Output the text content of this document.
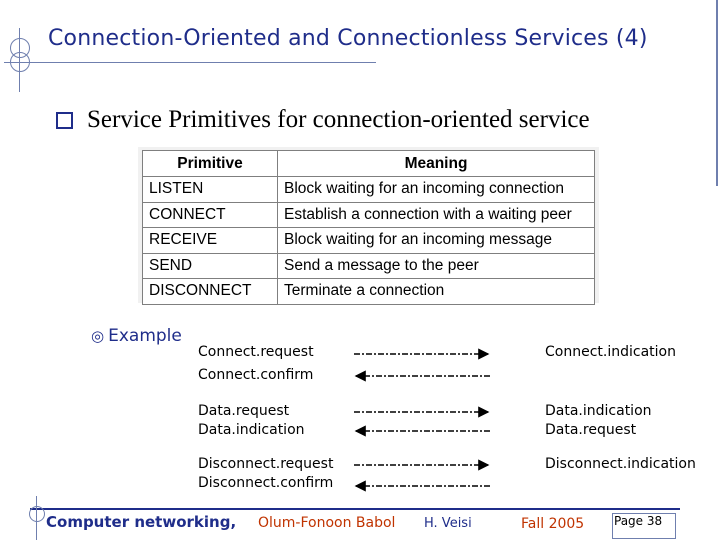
Connection-Oriented and Connectionless Services (4)
Service Primitives for connection-oriented service
Primitive	Meaning
LISTEN	Block waiting for an incoming connection
CONNECT	Establish a connection with a waiting peer
RECEIVE	Block waiting for an incoming message
SEND	Send a message to the peer
DISCONNECT	Terminate a connection
◎ Example
Connect.request
Connect.confirm
Data.request
Data.indication
Disconnect.request
Disconnect.confirm
Connect.indication
Data.indication
Data.request
Disconnect.indication
Computer networking, Olum-Fonoon Babol H. Veisi	Fall 2005 Page 38
